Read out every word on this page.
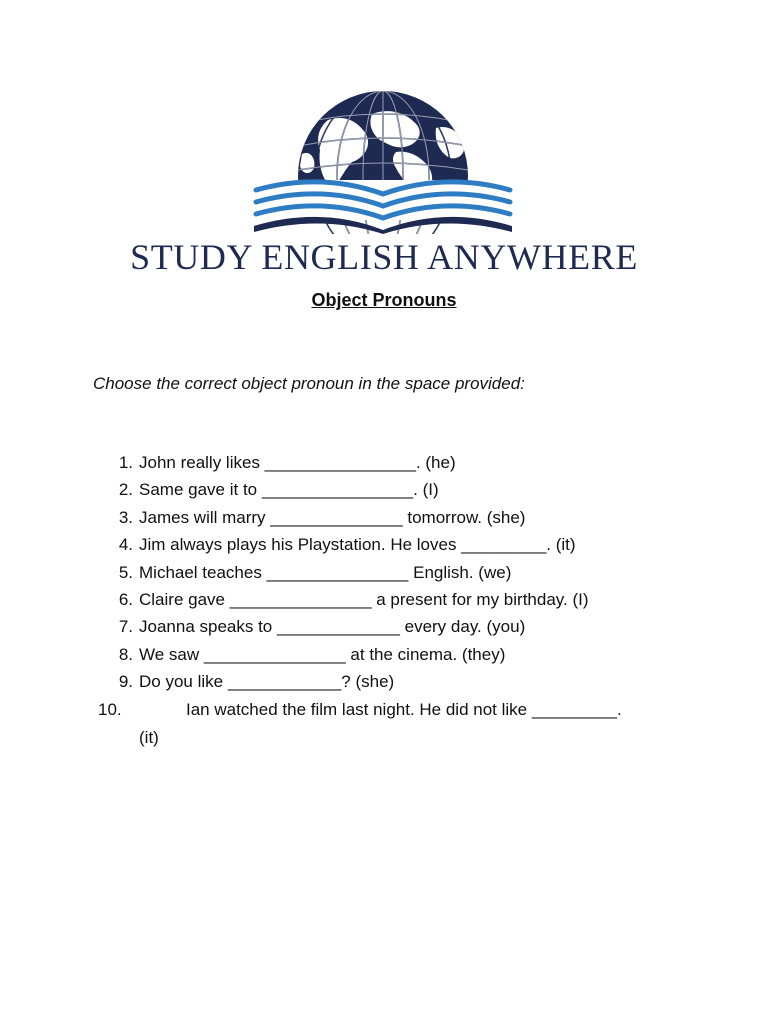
STUDY ENGLISH ANYWHERE
Object Pronouns
Choose the correct object pronoun in the space provided:
1. John really likes ________________. (he)
2. Same gave it to ________________. (I)
3. James will marry ______________ tomorrow. (she)
4. Jim always plays his Playstation. He loves _________. (it)
5. Michael teaches _______________ English. (we)
6. Claire gave _______________ a present for my birthday. (I)
7. Joanna speaks to _____________ every day. (you)
8. We saw _______________ at the cinema. (they)
9. Do you like ____________? (she)
10.	Ian watched the film last night. He did not like _________.
(it)
